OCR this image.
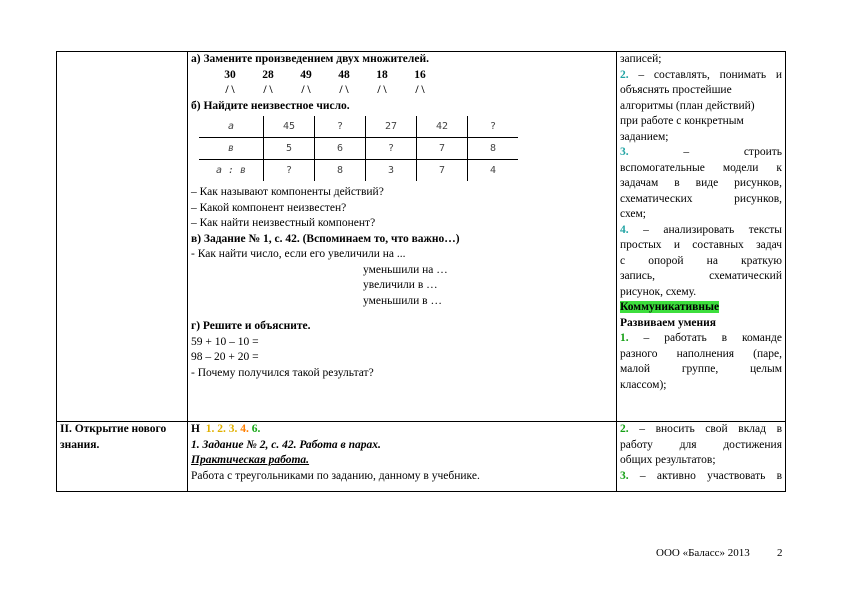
а) Замените произведением двух множителей.
30	28	49	48	18	16
/ \	/ \	/ \	/ \	/ \	/ \
б) Найдите неизвестное число.
а	45	?	27	42	?
в	5	6	?	7	8
а : в	?	8	3	7	4
– Как называют компоненты действий?
– Какой компонент неизвестен?
– Как найти неизвестный компонент?
в) Задание № 1, с. 42. (Вспоминаем то, что важно…)
- Как найти число, если его увеличили на ...
уменьшили на …
увеличили в …
уменьшили в …
г) Решите и объясните.
59 + 10 – 10 =
98 – 20 + 20 =
- Почему получился такой результат?

записей;
2. – составлять, понимать и
объяснять простейшие
алгоритмы (план действий)
при работе с конкретным
заданием;
3.	–	строить
вспомогательные модели к
задачам в виде рисунков,
схематических рисунков,
схем;
4. – анализировать тексты
простых и составных задач
с опорой на краткую
запись, схематический
рисунок, схему.
Коммуникативные
Развиваем умения
1. – работать в команде
разного наполнения (паре,
малой группе, целым
классом);

II. Открытие нового знания.	
Н 1. 2. 3. 4. 6.
1. Задание № 2, с. 42. Работа в парах.
Практическая работа.
Работа с треугольниками по заданию, данному в учебнике.

2. – вносить свой вклад в
работу для достижения
общих результатов;
3. – активно участвовать в
ООО «Баласс» 2013 2
